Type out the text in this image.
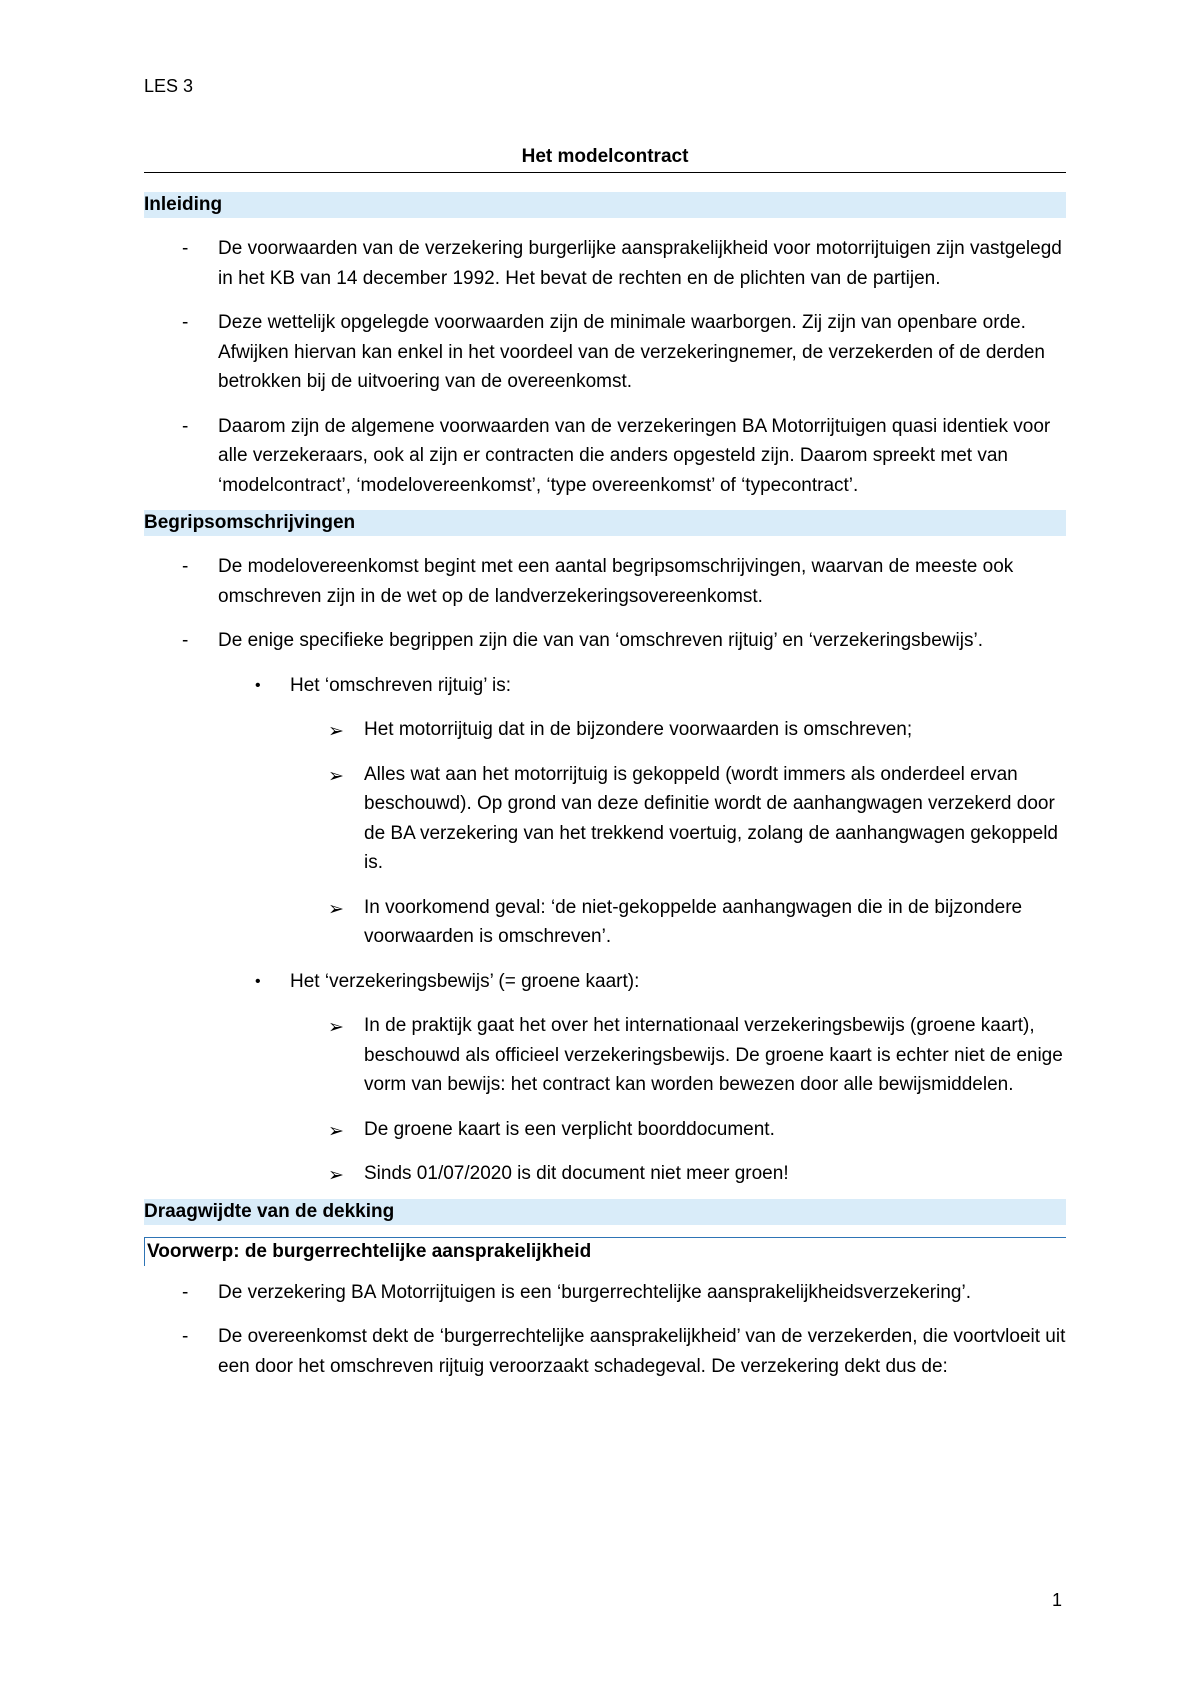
LES 3
Het modelcontract
Inleiding
- De voorwaarden van de verzekering burgerlijke aansprakelijkheid voor motorrijtuigen zijn vastgelegd in het KB van 14 december 1992. Het bevat de rechten en de plichten van de partijen.
- Deze wettelijk opgelegde voorwaarden zijn de minimale waarborgen. Zij zijn van openbare orde. Afwijken hiervan kan enkel in het voordeel van de verzekeringnemer, de verzekerden of de derden betrokken bij de uitvoering van de overeenkomst.
- Daarom zijn de algemene voorwaarden van de verzekeringen BA Motorrijtuigen quasi identiek voor alle verzekeraars, ook al zijn er contracten die anders opgesteld zijn. Daarom spreekt met van ‘modelcontract’, ‘modelovereenkomst’, ‘type overeenkomst’ of ‘typecontract’.
Begripsomschrijvingen
- De modelovereenkomst begint met een aantal begripsomschrijvingen, waarvan de meeste ook omschreven zijn in de wet op de landverzekeringsovereenkomst.
- De enige specifieke begrippen zijn die van van ‘omschreven rijtuig’ en ‘verzekeringsbewijs’.
• Het ‘omschreven rijtuig’ is:
➢ Het motorrijtuig dat in de bijzondere voorwaarden is omschreven;
➢ Alles wat aan het motorrijtuig is gekoppeld (wordt immers als onderdeel ervan beschouwd). Op grond van deze definitie wordt de aanhangwagen verzekerd door de BA verzekering van het trekkend voertuig, zolang de aanhangwagen gekoppeld is.
➢ In voorkomend geval: ‘de niet-gekoppelde aanhangwagen die in de bijzondere voorwaarden is omschreven’.
• Het ‘verzekeringsbewijs’ (= groene kaart):
➢ In de praktijk gaat het over het internationaal verzekeringsbewijs (groene kaart), beschouwd als officieel verzekeringsbewijs. De groene kaart is echter niet de enige vorm van bewijs: het contract kan worden bewezen door alle bewijsmiddelen.
➢ De groene kaart is een verplicht boorddocument.
➢ Sinds 01/07/2020 is dit document niet meer groen!
Draagwijdte van de dekking
Voorwerp: de burgerrechtelijke aansprakelijkheid
- De verzekering BA Motorrijtuigen is een ‘burgerrechtelijke aansprakelijkheidsverzekering’.
- De overeenkomst dekt de ‘burgerrechtelijke aansprakelijkheid’ van de verzekerden, die voortvloeit uit een door het omschreven rijtuig veroorzaakt schadegeval. De verzekering dekt dus de:
1
